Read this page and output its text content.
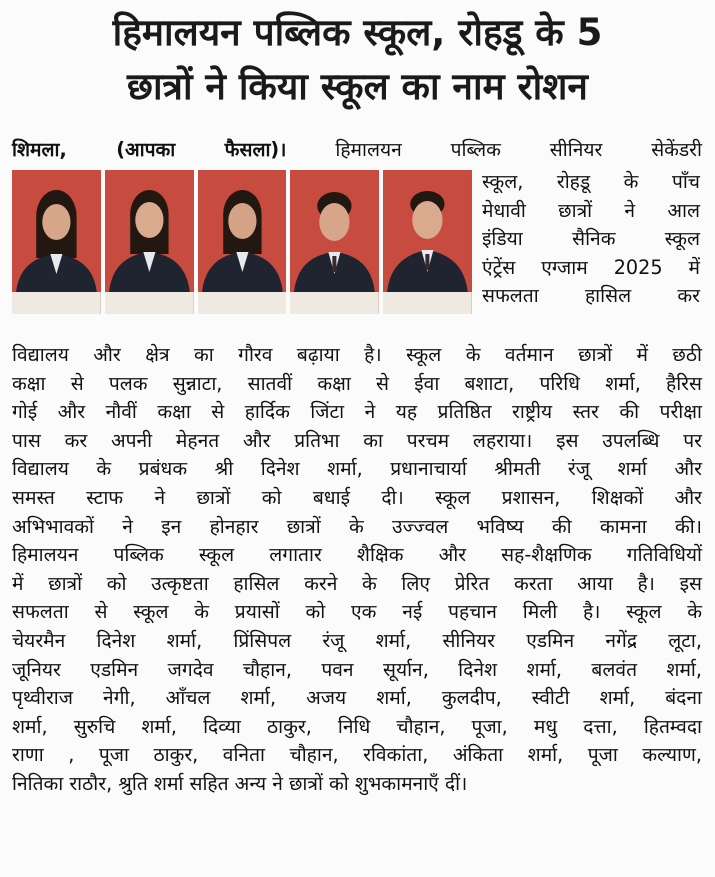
हिमालयन पब्लिक स्कूल, रोहडू के 5
छात्रों ने किया स्कूल का नाम रोशन
शिमला, (आपका फैसला)।	हिमालयन पब्लिक सीनियर सेकेंडरी
स्कूल, रोहडू के पाँच
मेधावी छात्रों ने आल
इंडिया सैनिक स्कूल
एंट्रेंस एग्जाम 2025 में
सफलता हासिल कर
विद्यालय और क्षेत्र का गौरव बढ़ाया है। स्कूल के वर्तमान छात्रों में छठी
कक्षा से पलक सुन्नाटा, सातवीं कक्षा से ईवा बशाटा, परिधि शर्मा, हैरिस
गोई और नौवीं कक्षा से हार्दिक जिंटा ने यह प्रतिष्ठित राष्ट्रीय स्तर की परीक्षा
पास कर अपनी मेहनत और प्रतिभा का परचम लहराया। इस उपलब्धि पर
विद्यालय के प्रबंधक श्री दिनेश शर्मा, प्रधानाचार्या श्रीमती रंजू शर्मा और
समस्त स्टाफ ने छात्रों को बधाई दी। स्कूल प्रशासन, शिक्षकों और
अभिभावकों ने इन होनहार छात्रों के उज्ज्वल भविष्य की कामना की।
हिमालयन पब्लिक स्कूल लगातार शैक्षिक और सह-शैक्षणिक गतिविधियों
में छात्रों को उत्कृष्टता हासिल करने के लिए प्रेरित करता आया है। इस
सफलता से स्कूल के प्रयासों को एक नई पहचान मिली है। स्कूल के
चेयरमैन दिनेश शर्मा, प्रिंसिपल रंजू शर्मा, सीनियर एडमिन नगेंद्र लूटा,
जूनियर एडमिन जगदेव चौहान, पवन सूर्यान, दिनेश शर्मा, बलवंत शर्मा,
पृथ्वीराज नेगी, आँचल शर्मा, अजय शर्मा, कुलदीप, स्वीटी शर्मा, बंदना
शर्मा, सुरुचि शर्मा, दिव्या ठाकुर, निधि चौहान, पूजा, मधु दत्ता, हितम्वदा
राणा , पूजा ठाकुर, वनिता चौहान, रविकांता, अंकिता शर्मा, पूजा कल्याण,
नितिका राठौर, श्रुति शर्मा सहित अन्य ने छात्रों को शुभकामनाएँ दीं।
